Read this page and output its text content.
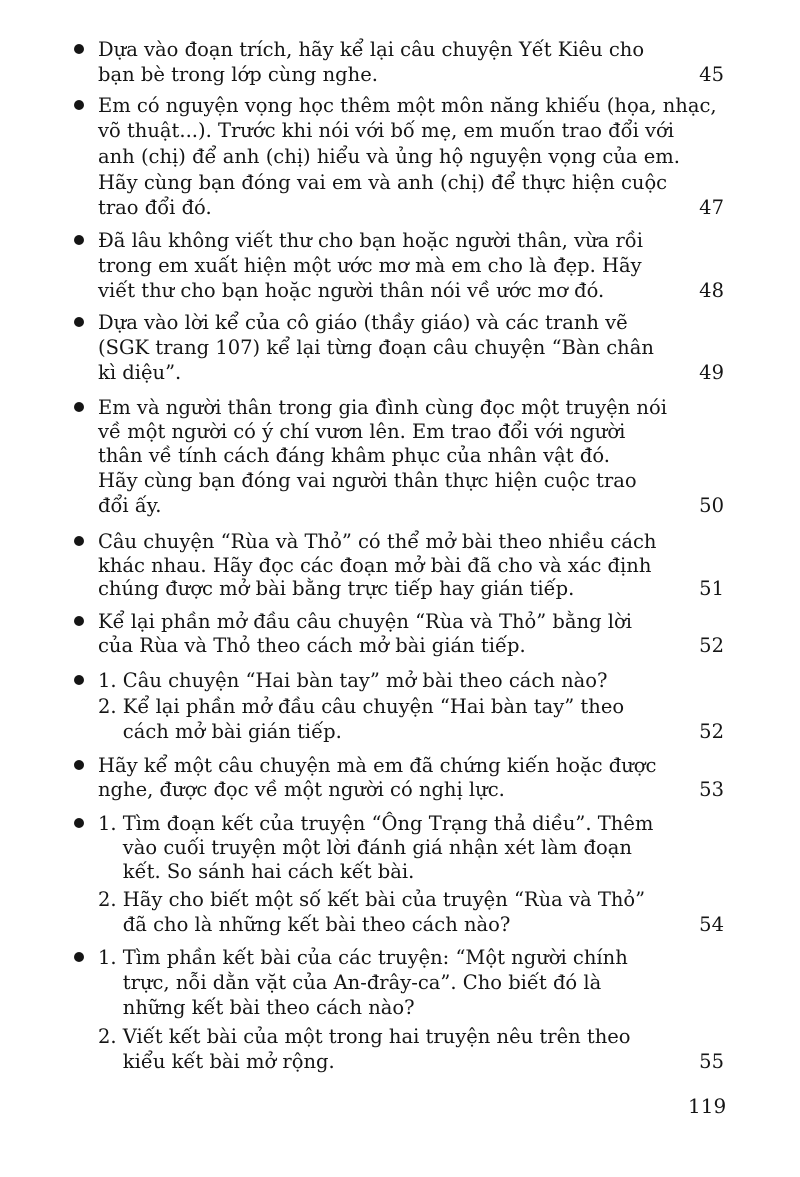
Dựa vào đoạn trích, hãy kể lại câu chuyện Yết Kiêu cho
bạn bè trong lớp cùng nghe.	45
Em có nguyện vọng học thêm một môn năng khiếu (họa, nhạc,
võ thuật...). Trước khi nói với bố mẹ, em muốn trao đổi với
anh (chị) để anh (chị) hiểu và ủng hộ nguyện vọng của em.
Hãy cùng bạn đóng vai em và anh (chị) để thực hiện cuộc
trao đổi đó.	47
Đã lâu không viết thư cho bạn hoặc người thân, vừa rồi
trong em xuất hiện một ước mơ mà em cho là đẹp. Hãy
viết thư cho bạn hoặc người thân nói về ước mơ đó.	48
Dựa vào lời kể của cô giáo (thầy giáo) và các tranh vẽ
(SGK trang 107) kể lại từng đoạn câu chuyện “Bàn chân
kì diệu”.	49
Em và người thân trong gia đình cùng đọc một truyện nói
về một người có ý chí vươn lên. Em trao đổi với người
thân về tính cách đáng khâm phục của nhân vật đó.
Hãy cùng bạn đóng vai người thân thực hiện cuộc trao
đổi ấy.	50
Câu chuyện “Rùa và Thỏ” có thể mở bài theo nhiều cách
khác nhau. Hãy đọc các đoạn mở bài đã cho và xác định
chúng được mở bài bằng trực tiếp hay gián tiếp.	51
Kể lại phần mở đầu câu chuyện “Rùa và Thỏ” bằng lời
của Rùa và Thỏ theo cách mở bài gián tiếp.	52
1. Câu chuyện “Hai bàn tay” mở bài theo cách nào?
2. Kể lại phần mở đầu câu chuyện “Hai bàn tay” theo
cách mở bài gián tiếp.	52
Hãy kể một câu chuyện mà em đã chứng kiến hoặc được
nghe, được đọc về một người có nghị lực.	53
1. Tìm đoạn kết của truyện “Ông Trạng thả diều”. Thêm
vào cuối truyện một lời đánh giá nhận xét làm đoạn
kết. So sánh hai cách kết bài.
2. Hãy cho biết một số kết bài của truyện “Rùa và Thỏ”
đã cho là những kết bài theo cách nào?	54
1. Tìm phần kết bài của các truyện: “Một người chính
trực, nỗi dằn vặt của An-đrây-ca”. Cho biết đó là
những kết bài theo cách nào?
2. Viết kết bài của một trong hai truyện nêu trên theo
kiểu kết bài mở rộng.	55
119
